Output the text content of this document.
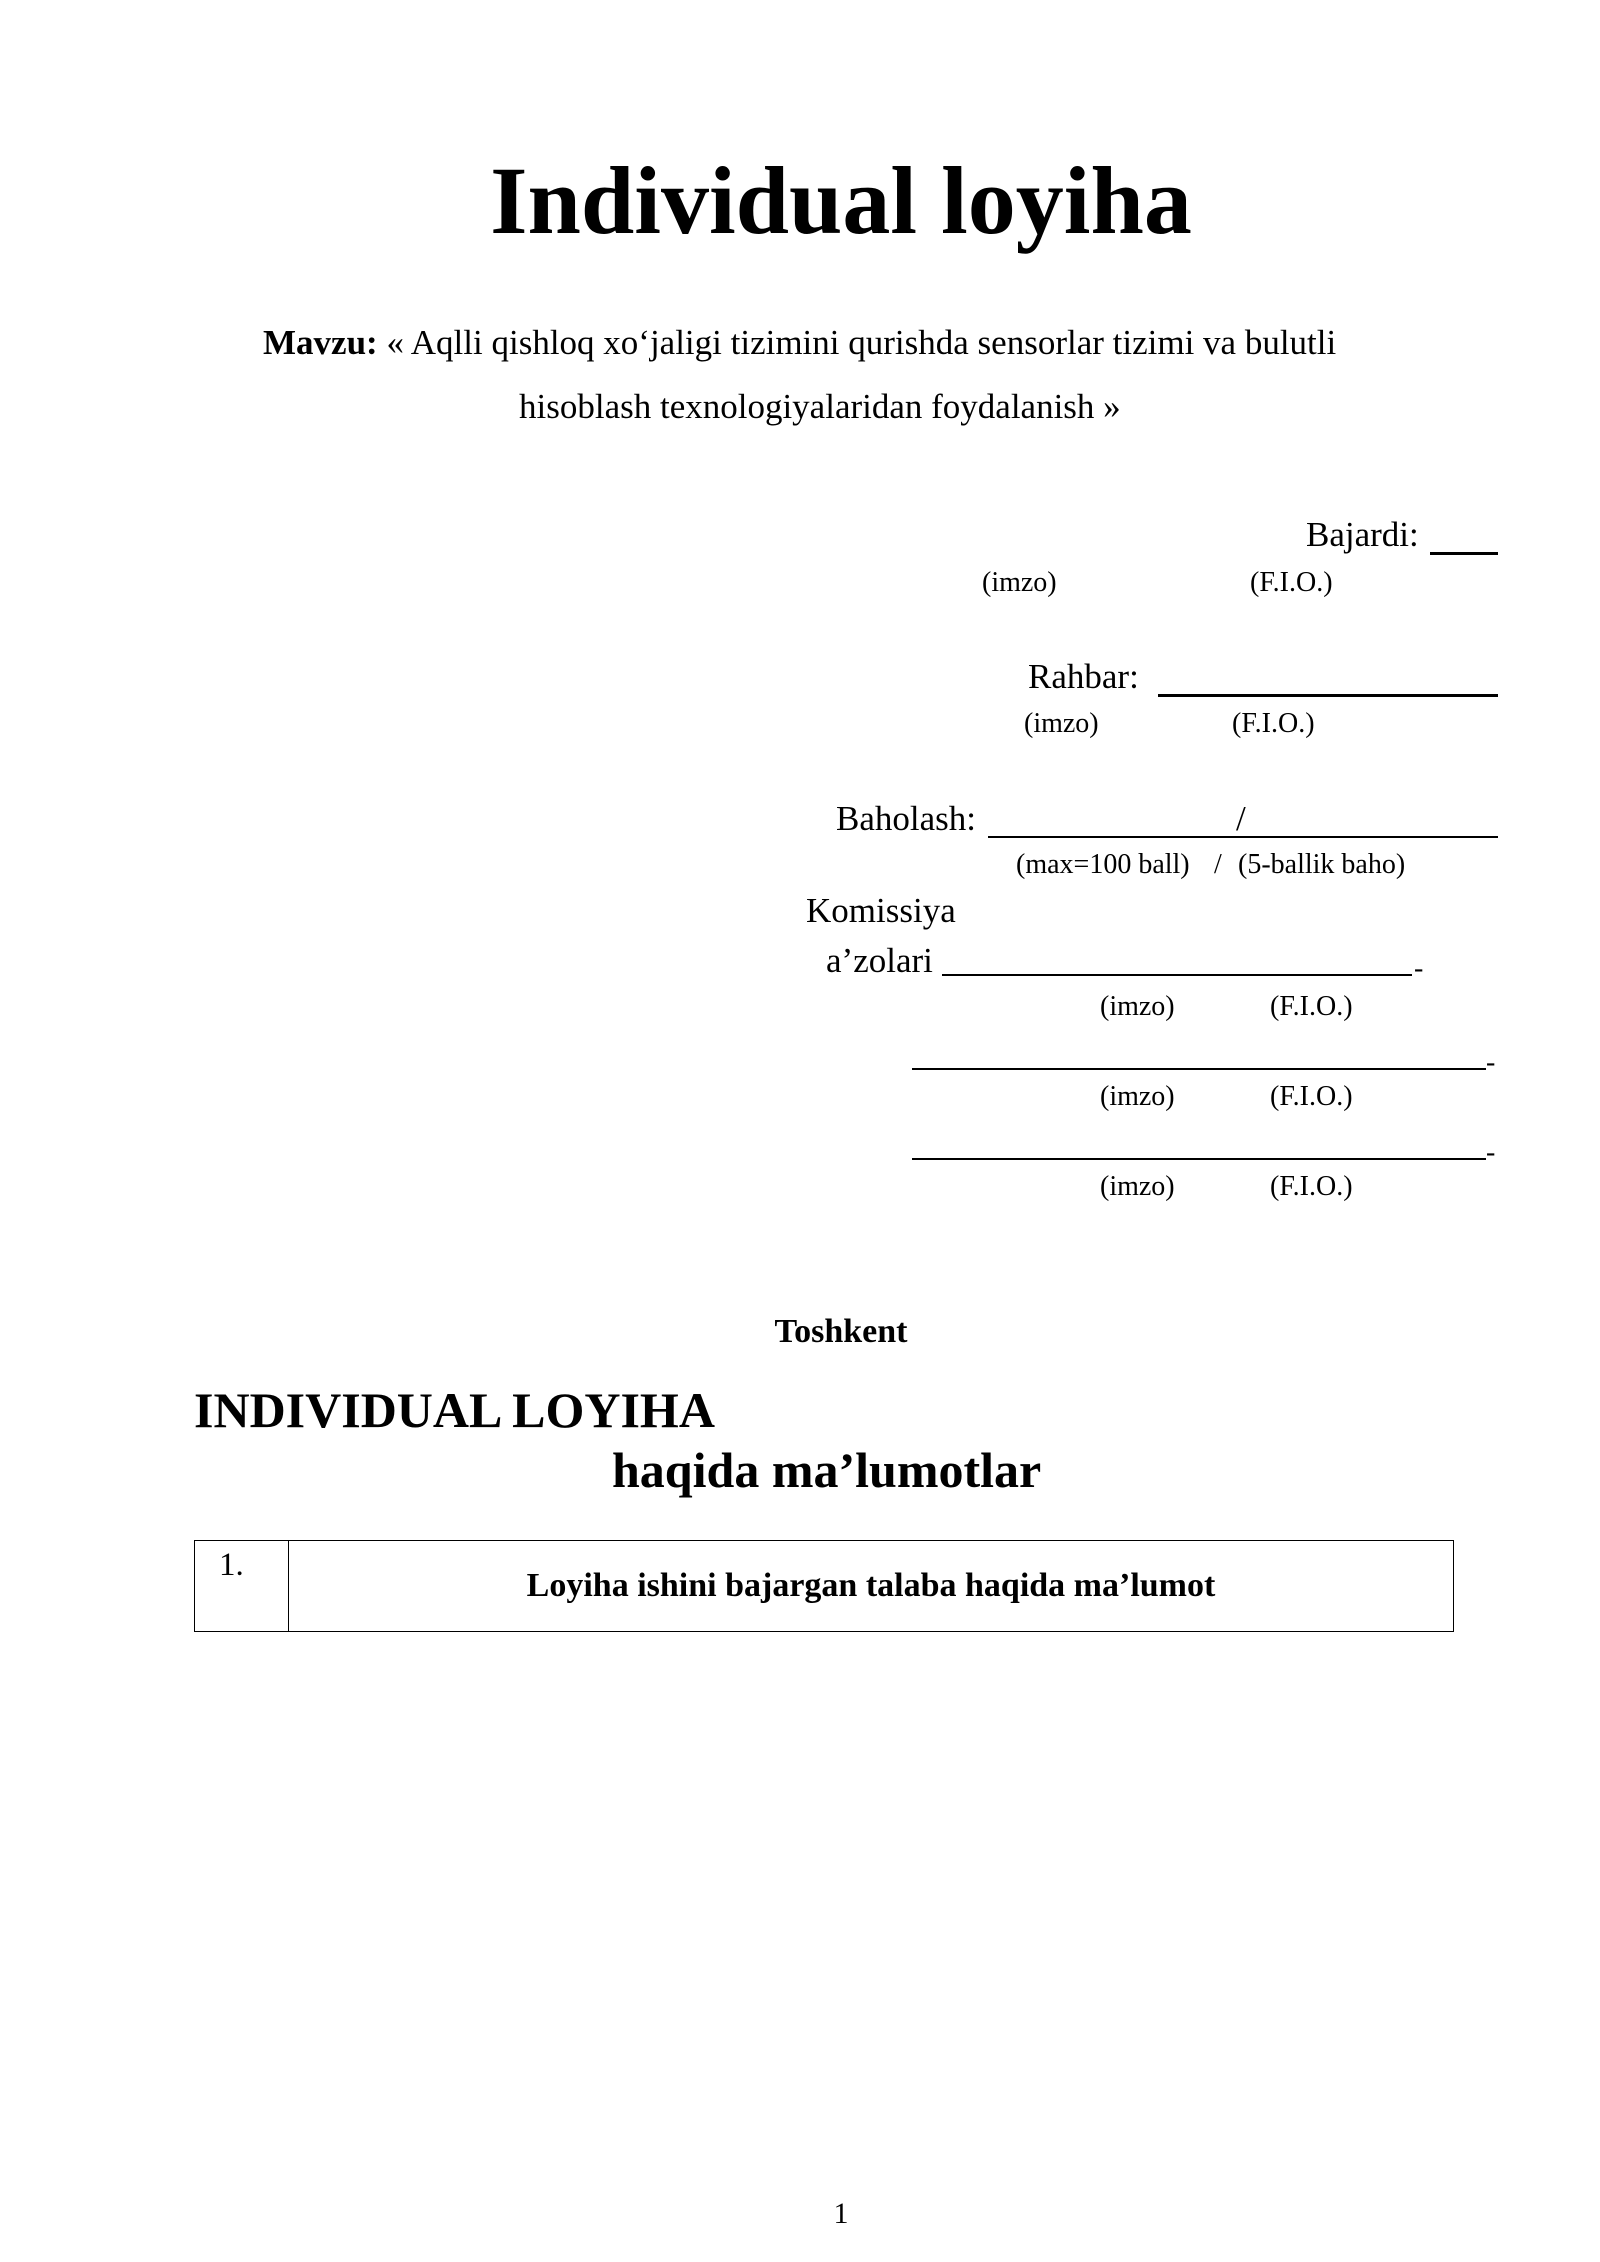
Individual loyiha
Mavzu: « Aqlli qishloq xo‘jaligi tizimini qurishda sensorlar tizimi va bulutli
hisoblash texnologiyalaridan foydalanish »
Bajardi:
(imzo)	(F.I.O.)
Rahbar:
(imzo)	(F.I.O.)
Baholash:	/
(max=100 ball) / (5-ballik baho)
Komissiya
a’zolari	-
(imzo)	(F.I.O.)
-
(imzo)	(F.I.O.)
-
(imzo)	(F.I.O.)
Toshkent
INDIVIDUAL LOYIHA
haqida ma’lumotlar
1.
Loyiha ishini bajargan talaba haqida ma’lumot
1
